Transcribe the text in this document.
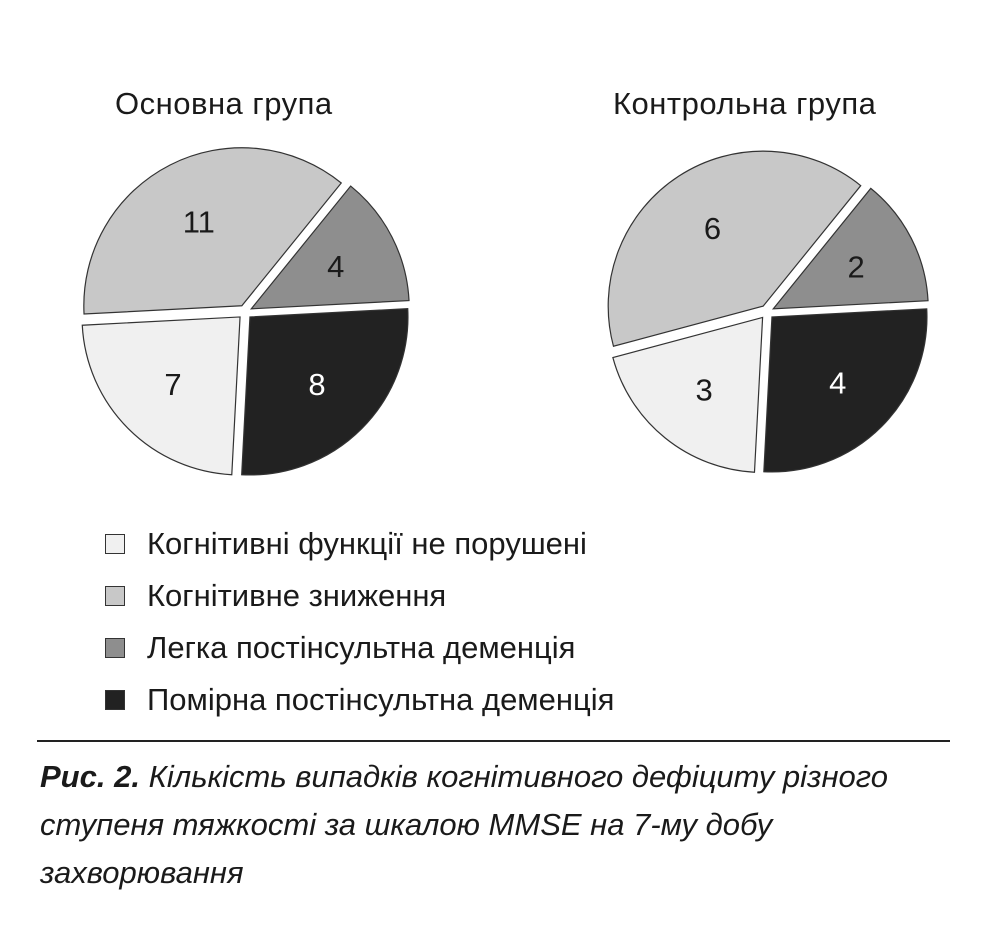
Основна група	Контрольна група
7
11
4
8	3
6
2
4
Когнітивні функції не порушені
Когнітивне зниження
Легка постінсультна деменція
Помірна постінсультна деменція
Рис. 2. Кількість випадків когнітивного дефіциту різного ступеня тяжкості за шкалою MMSE на 7-му добу захворювання
